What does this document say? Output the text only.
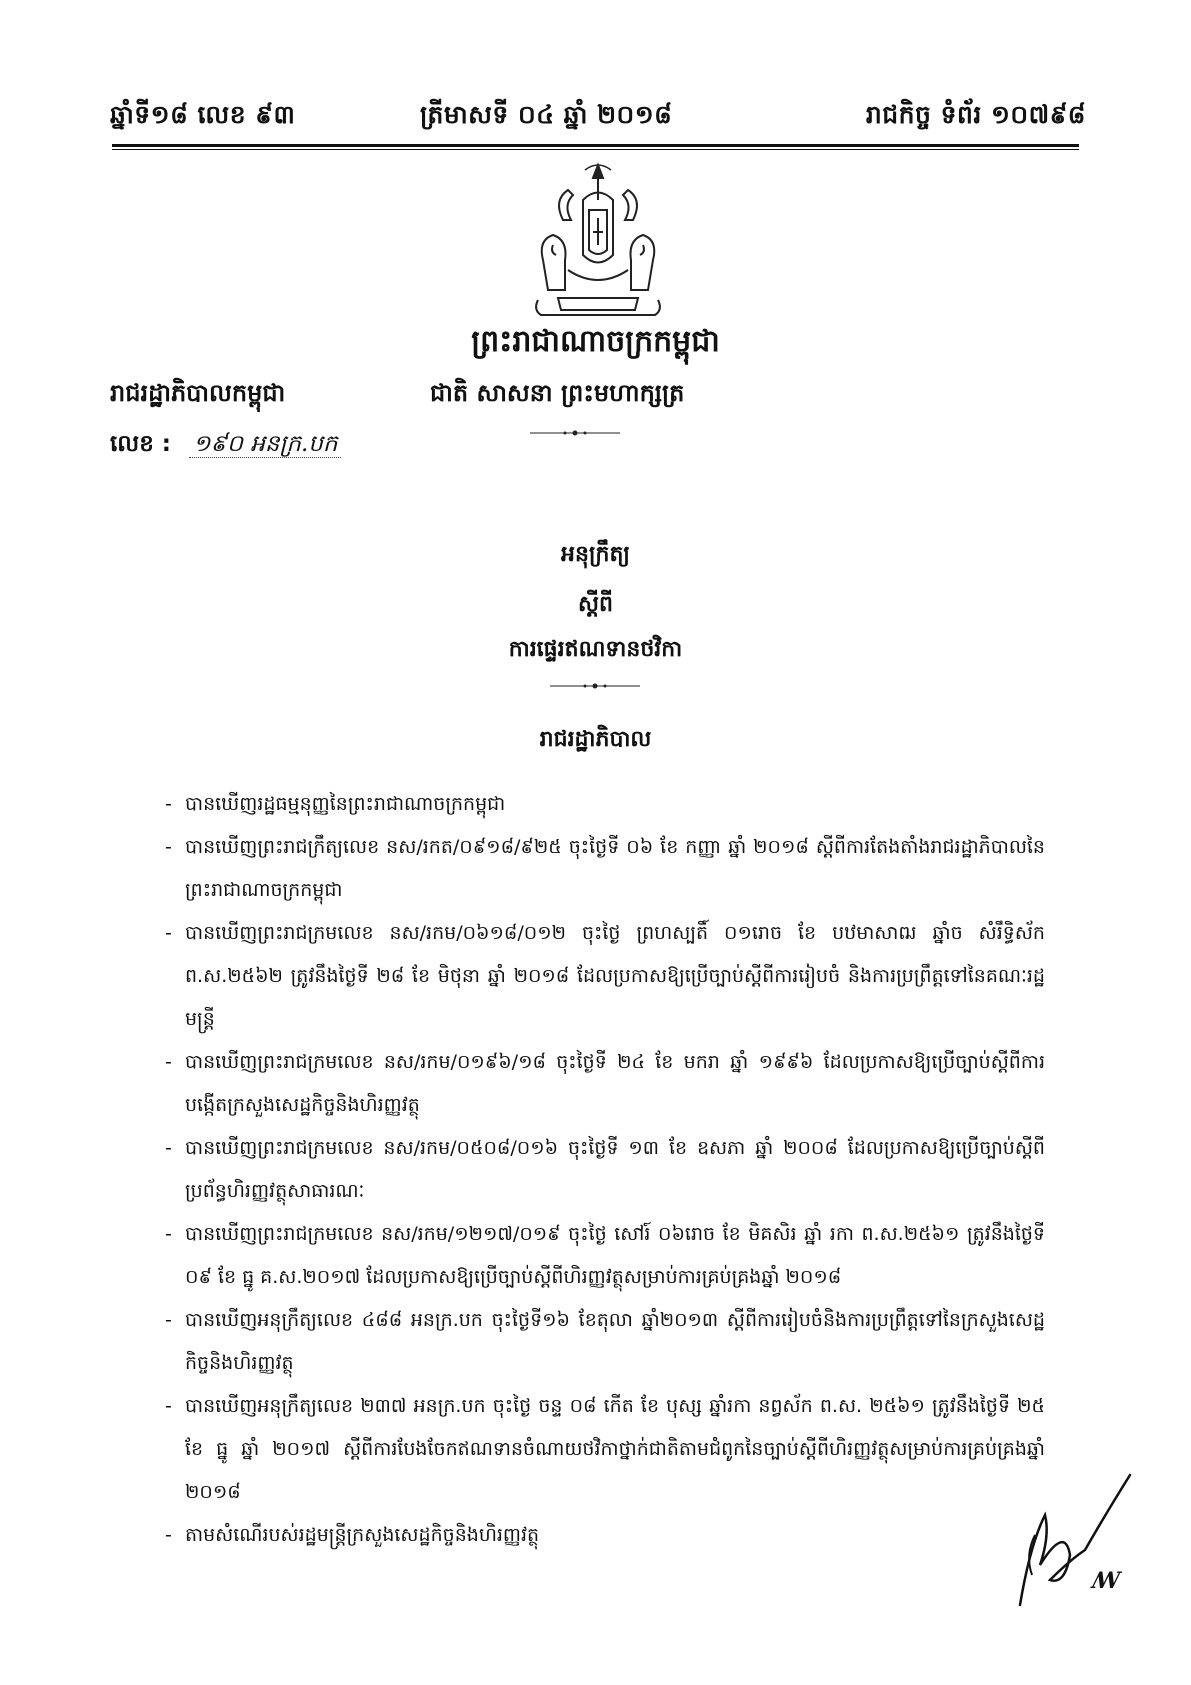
ឆ្នាំទី១៨ លេខ ៩៣	ត្រីមាសទី ០៤ ឆ្នាំ ២០១៨	រាជកិច្ច ទំព័រ ១០៧៩៨
ព្រះរាជាណាចក្រកម្ពុជា
រាជរដ្ឋាភិបាលកម្ពុជា	ជាតិ សាសនា ព្រះមហាក្សត្រ
លេខ : ១៩០ អនក្រ.បក
អនុក្រឹត្យ
ស្តីពី
ការផ្ទេរឥណទានថវិកា
រាជរដ្ឋាភិបាល
- បានឃើញរដ្ឋធម្មនុញ្ញនៃព្រះរាជាណាចក្រកម្ពុជា
- បានឃើញព្រះរាជក្រឹត្យលេខ នស/រកត/០៩១៨/៩២៥ ចុះថ្ងៃទី ០៦ ខែ កញ្ញា ឆ្នាំ ២០១៨ ស្តីពីការតែងតាំងរាជរដ្ឋាភិបាលនៃព្រះរាជាណាចក្រកម្ពុជា
- បានឃើញព្រះរាជក្រមលេខ នស/រកម/០៦១៨/០១២ ចុះថ្ងៃ ព្រហស្បតិ៍ ០១រោច ខែ បឋមាសាឍ ឆ្នាំច សំរឹទ្ធិស័ក ព.ស.២៥៦២ ត្រូវនឹងថ្ងៃទី ២៨ ខែ មិថុនា ឆ្នាំ ២០១៨ ដែលប្រកាសឱ្យប្រើច្បាប់ស្តីពីការរៀបចំ និងការប្រព្រឹត្តទៅនៃគណៈរដ្ឋមន្ត្រី
- បានឃើញព្រះរាជក្រមលេខ នស/រកម/០១៩៦/១៨ ចុះថ្ងៃទី ២៤ ខែ មករា ឆ្នាំ ១៩៩៦ ដែលប្រកាសឱ្យប្រើច្បាប់ស្តីពីការបង្កើតក្រសួងសេដ្ឋកិច្ចនិងហិរញ្ញវត្ថុ
- បានឃើញព្រះរាជក្រមលេខ នស/រកម/០៥០៨/០១៦ ចុះថ្ងៃទី ១៣ ខែ ឧសភា ឆ្នាំ ២០០៨ ដែលប្រកាសឱ្យប្រើច្បាប់ស្តីពីប្រព័ន្ធហិរញ្ញវត្ថុសាធារណៈ
- បានឃើញព្រះរាជក្រមលេខ នស/រកម/១២១៧/០១៩ ចុះថ្ងៃ សៅរ៍ ០៦រោច ខែ មិគសិរ ឆ្នាំ រកា ព.ស.២៥៦១ ត្រូវនឹងថ្ងៃទី ០៩ ខែ ធ្នូ គ.ស.២០១៧ ដែលប្រកាសឱ្យប្រើច្បាប់ស្តីពីហិរញ្ញវត្ថុសម្រាប់ការគ្រប់គ្រងឆ្នាំ ២០១៨
- បានឃើញអនុក្រឹត្យលេខ ៤៨៨ អនក្រ.បក ចុះថ្ងៃទី១៦ ខែតុលា ឆ្នាំ២០១៣ ស្តីពីការរៀបចំនិងការប្រព្រឹត្តទៅនៃក្រសួងសេដ្ឋកិច្ចនិងហិរញ្ញវត្ថុ
- បានឃើញអនុក្រឹត្យលេខ ២៣៧ អនក្រ.បក ចុះថ្ងៃ ចន្ទ ០៨ កើត ខែ បុស្ស ឆ្នាំរកា នព្វស័ក ព.ស. ២៥៦១ ត្រូវនឹងថ្ងៃទី ២៥ ខែ ធ្នូ ឆ្នាំ ២០១៧ ស្តីពីការបែងចែកឥណទានចំណាយថវិកាថ្នាក់ជាតិតាមជំពូកនៃច្បាប់ស្តីពីហិរញ្ញវត្ថុសម្រាប់ការគ្រប់គ្រងឆ្នាំ ២០១៨
- តាមសំណើរបស់រដ្ឋមន្ត្រីក្រសួងសេដ្ឋកិច្ចនិងហិរញ្ញវត្ថុ
ꟿ
